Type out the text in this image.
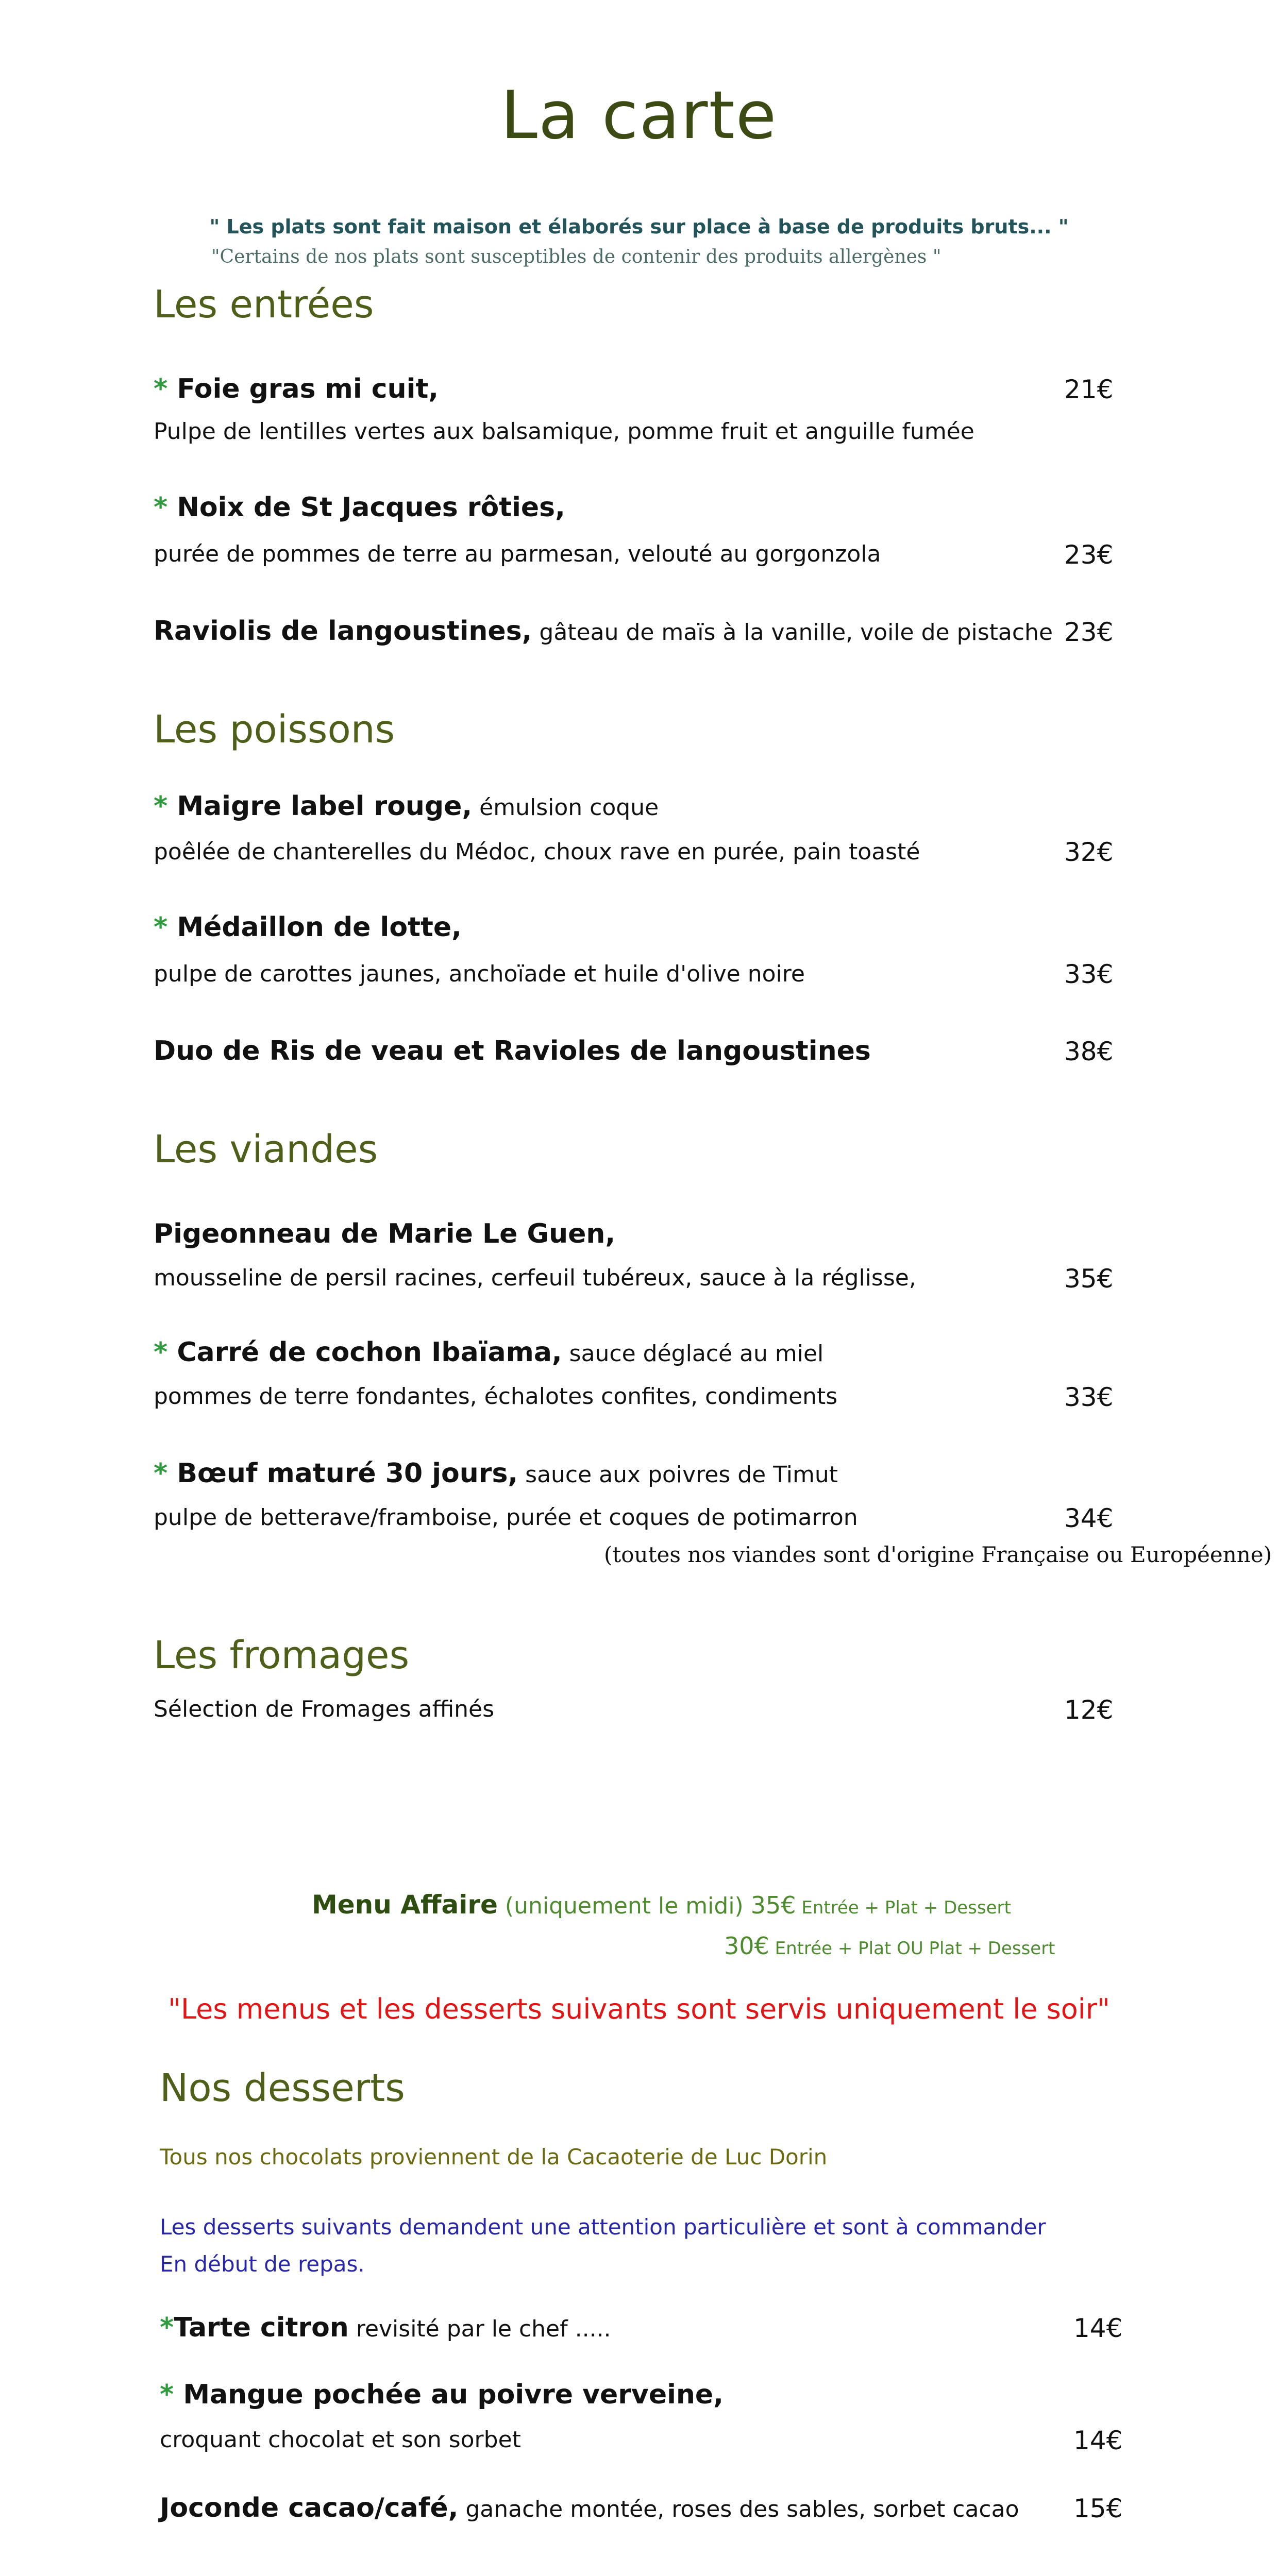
La carte
" Les plats sont fait maison et élaborés sur place à base de produits bruts... "
"Certains de nos plats sont susceptibles de contenir des produits allergènes "
Les entrées
* Foie gras mi cuit,	21€
Pulpe de lentilles vertes aux balsamique, pomme fruit et anguille fumée
* Noix de St Jacques rôties,
purée de pommes de terre au parmesan, velouté au gorgonzola	23€
Raviolis de langoustines, gâteau de maïs à la vanille, voile de pistache 23€
Les poissons
* Maigre label rouge, émulsion coque
poêlée de chanterelles du Médoc, choux rave en purée, pain toasté	32€
* Médaillon de lotte,
pulpe de carottes jaunes, anchoïade et huile d'olive noire	33€
Duo de Ris de veau et Ravioles de langoustines	38€
Les viandes
Pigeonneau de Marie Le Guen,
mousseline de persil racines, cerfeuil tubéreux, sauce à la réglisse,	35€
* Carré de cochon Ibaïama, sauce déglacé au miel
pommes de terre fondantes, échalotes confites, condiments	33€
* Bœuf maturé 30 jours, sauce aux poivres de Timut
pulpe de betterave/framboise, purée et coques de potimarron	34€
(toutes nos viandes sont d'origine Française ou Européenne)
Les fromages
Sélection de Fromages affinés	12€
Menu Affaire (uniquement le midi) 35€ Entrée + Plat + Dessert
30€ Entrée + Plat OU Plat + Dessert
"Les menus et les desserts suivants sont servis uniquement le soir"
Nos desserts
Tous nos chocolats proviennent de la Cacaoterie de Luc Dorin
Les desserts suivants demandent une attention particulière et sont à commander
En début de repas.
*Tarte citron revisité par le chef .....	14€
* Mangue pochée au poivre verveine,
croquant chocolat et son sorbet	14€
Joconde cacao/café, ganache montée, roses des sables, sorbet cacao 15€
